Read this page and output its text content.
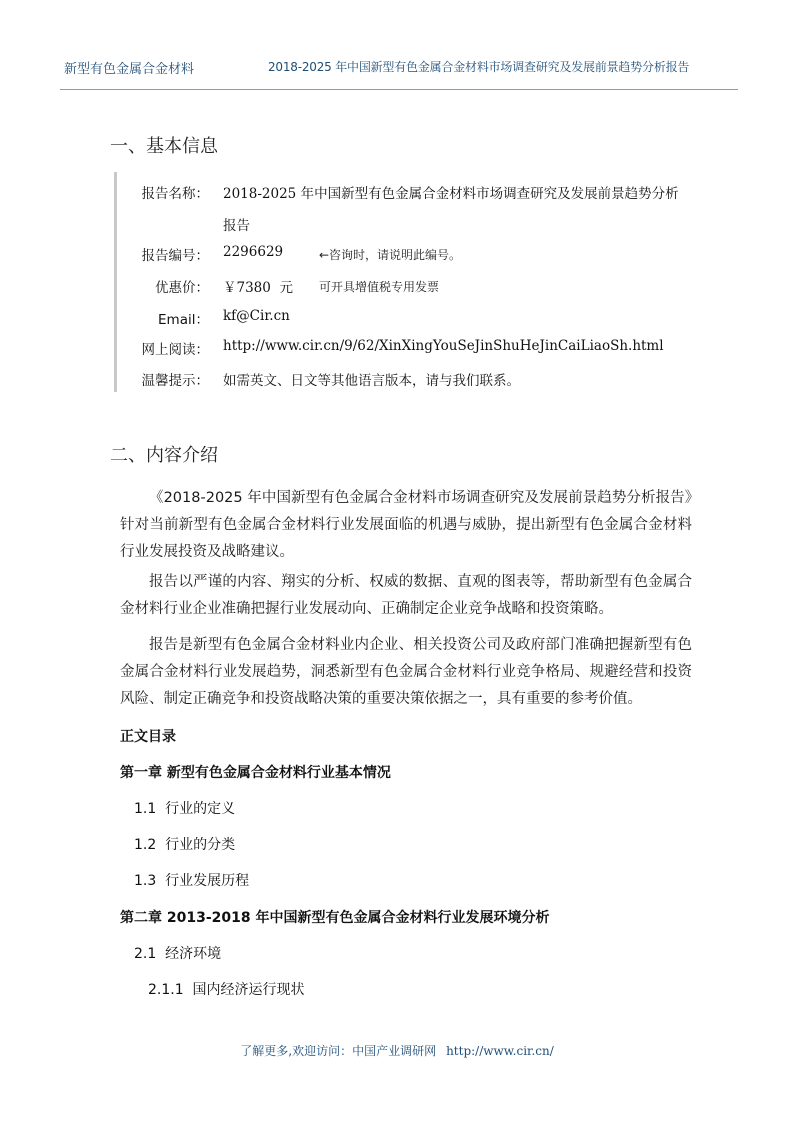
新型有色金属合金材料	2018-2025 年中国新型有色金属合金材料市场调查研究及发展前景趋势分析报告
一、基本信息
报告名称： 2018-2025 年中国新型有色金属合金材料市场调查研究及发展前景趋势分析
报告
报告编号： 2296629	←咨询时，请说明此编号。
优惠价： ￥7380  元 可开具增值税专用发票
Email： kf@Cir.cn
网上阅读： http://www.cir.cn/9/62/XinXingYouSeJinShuHeJinCaiLiaoSh.html
温馨提示： 如需英文、日文等其他语言版本，请与我们联系。
二、内容介绍
《2018-2025 年中国新型有色金属合金材料市场调查研究及发展前景趋势分析报告》针对当前新型有色金属合金材料行业发展面临的机遇与威胁，提出新型有色金属合金材料行业发展投资及战略建议。
报告以严谨的内容、翔实的分析、权威的数据、直观的图表等，帮助新型有色金属合金材料行业企业准确把握行业发展动向、正确制定企业竞争战略和投资策略。
报告是新型有色金属合金材料业内企业、相关投资公司及政府部门准确把握新型有色金属合金材料行业发展趋势，洞悉新型有色金属合金材料行业竞争格局、规避经营和投资风险、制定正确竞争和投资战略决策的重要决策依据之一，具有重要的参考价值。
正文目录
第一章 新型有色金属合金材料行业基本情况
1.1  行业的定义
1.2  行业的分类
1.3  行业发展历程
第二章 2013-2018 年中国新型有色金属合金材料行业发展环境分析
2.1  经济环境
2.1.1  国内经济运行现状
了解更多,欢迎访问：中国产业调研网 http://www.cir.cn/
